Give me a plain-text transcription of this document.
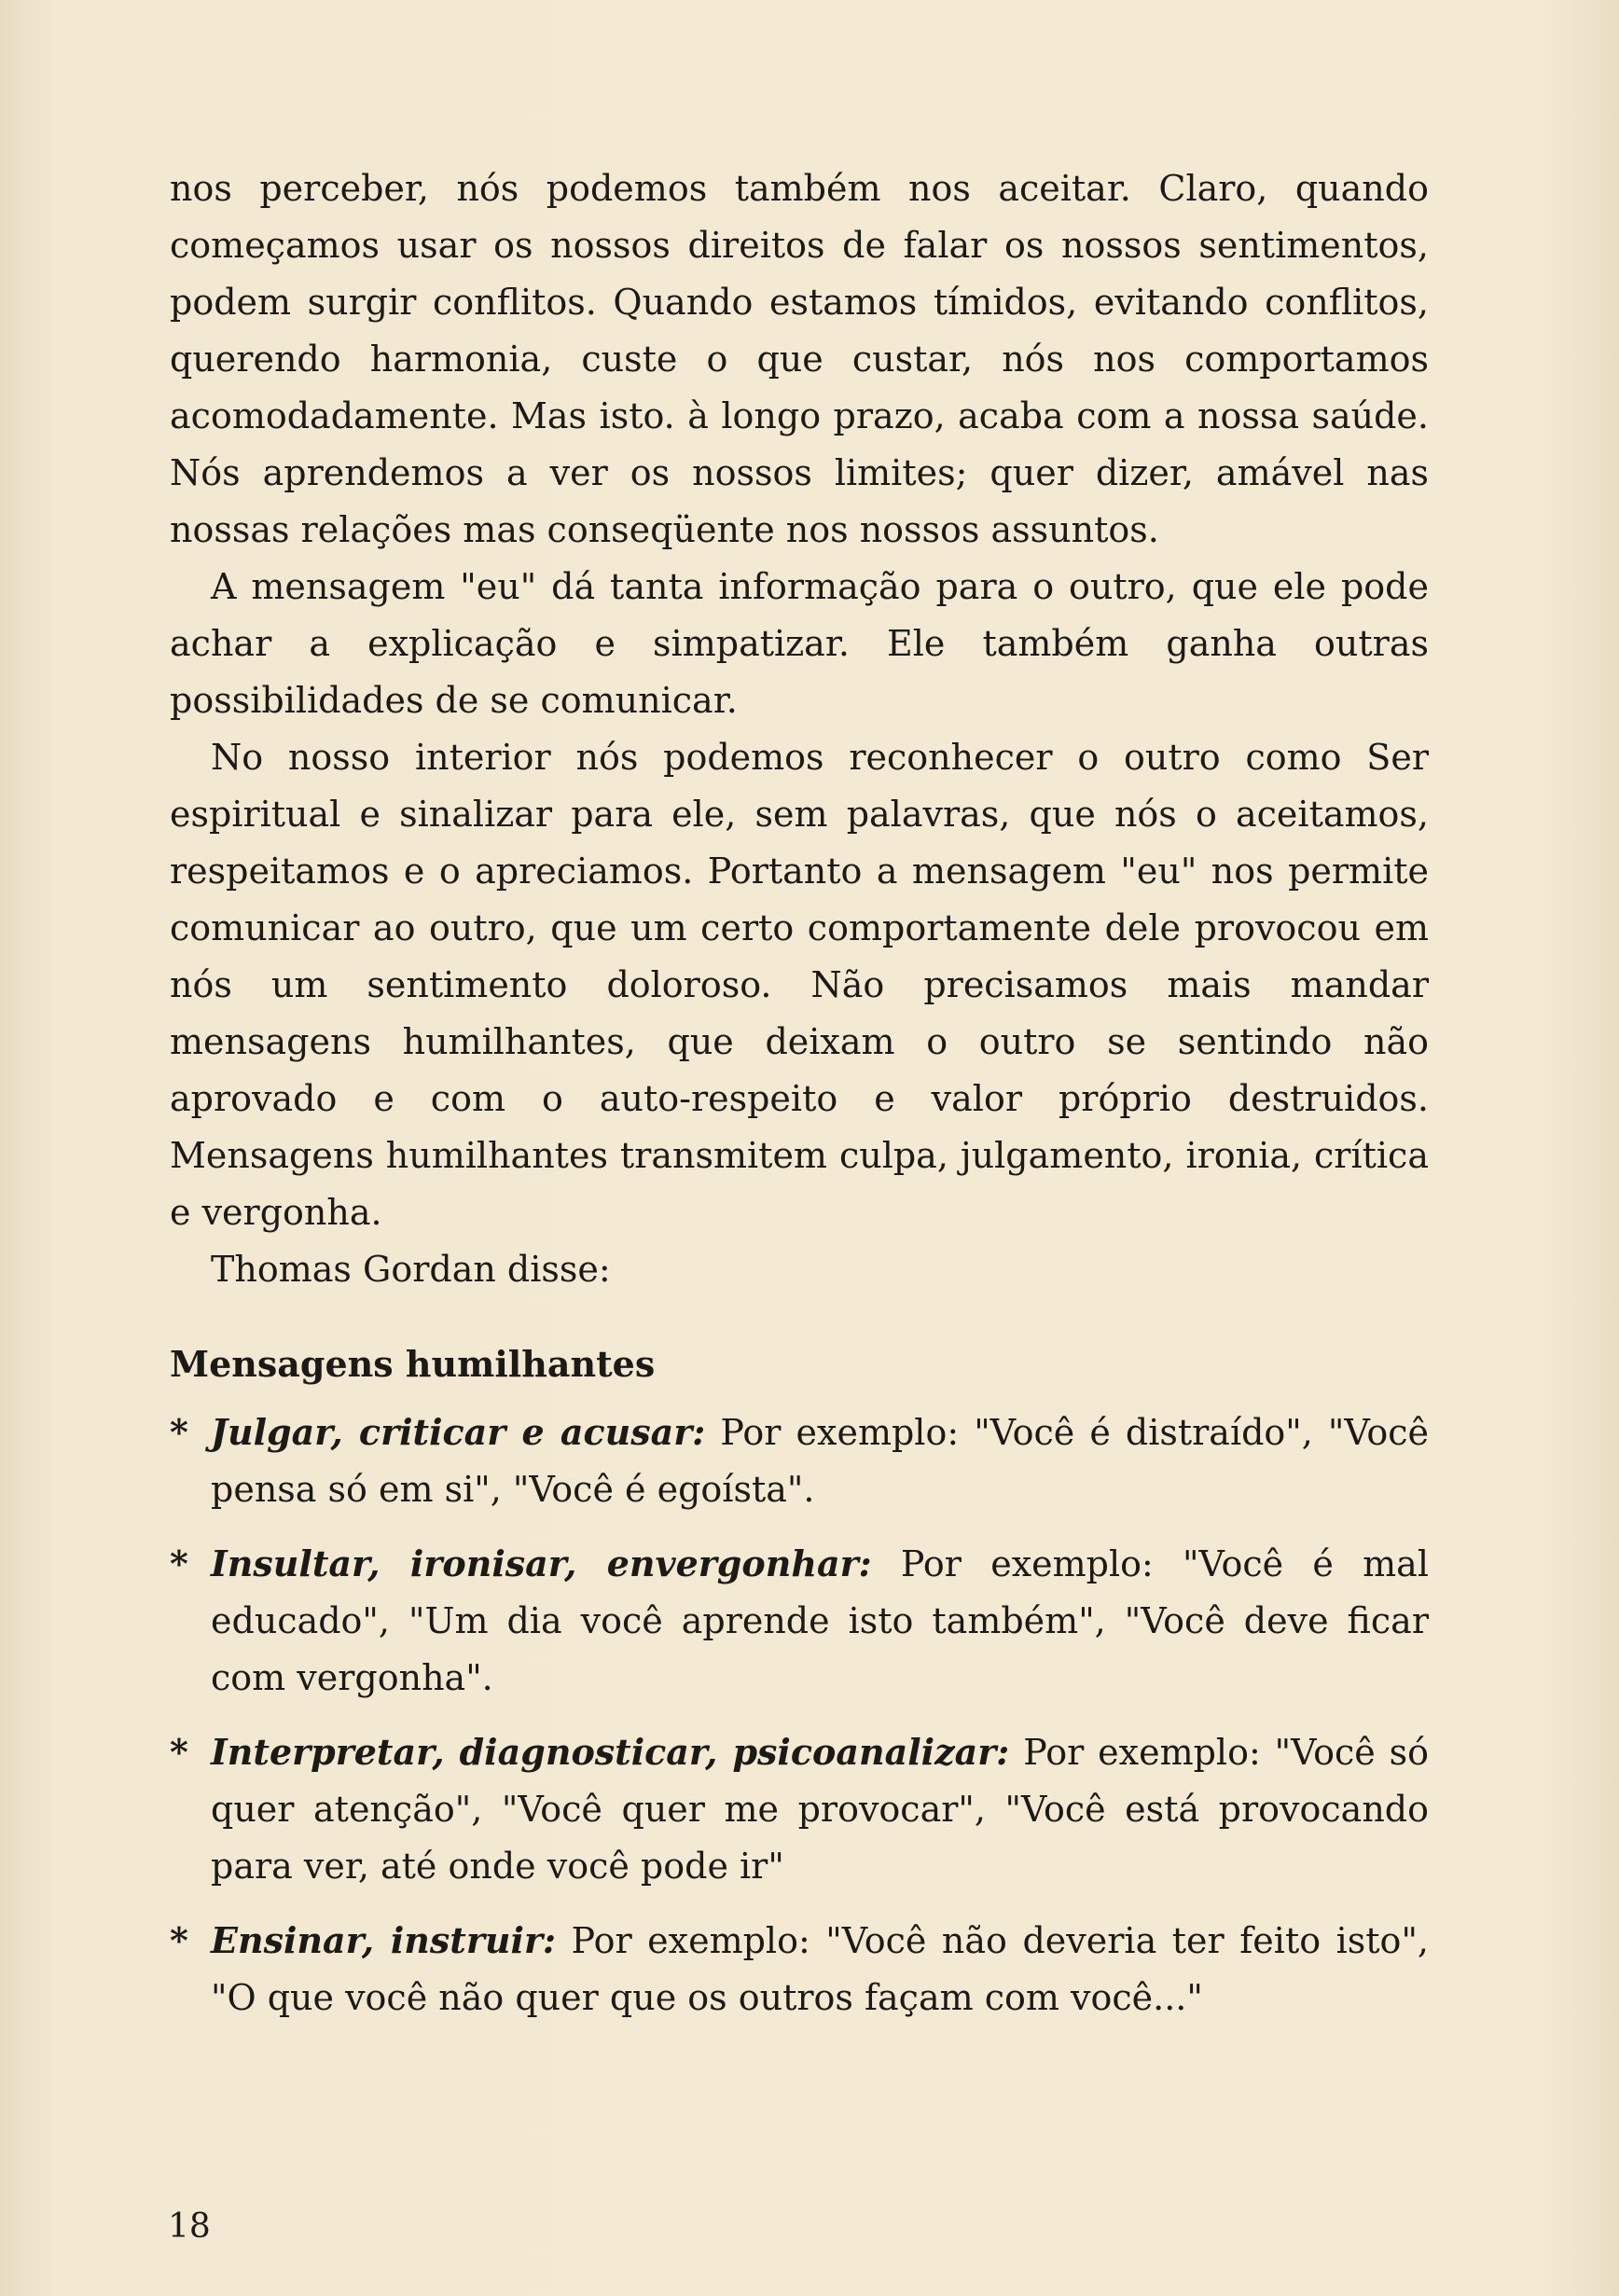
nos perceber, nós podemos também nos aceitar. Claro, quando começamos usar os nossos direitos de falar os nossos sentimentos, podem surgir conflitos. Quando estamos tímidos, evitando conflitos, querendo harmonia, custe o que custar, nós nos comportamos acomodadamente. Mas isto. à longo prazo, acaba com a nossa saúde. Nós aprendemos a ver os nossos limites; quer dizer, amável nas nossas relações mas conseqüente nos nossos assuntos.

A mensagem "eu" dá tanta informação para o outro, que ele pode achar a explicação e simpatizar. Ele também ganha outras possibilidades de se comunicar.

No nosso interior nós podemos reconhecer o outro como Ser espiritual e sinalizar para ele, sem palavras, que nós o aceitamos, respeitamos e o apreciamos. Portanto a mensagem "eu" nos permite comunicar ao outro, que um certo comportamente dele provocou em nós um sentimento doloroso. Não precisamos mais mandar mensagens humilhantes, que deixam o outro se sentindo não aprovado e com o auto-respeito e valor próprio destruidos. Mensagens humilhantes transmitem culpa, julgamento, ironia, crítica e vergonha.

Thomas Gordan disse:

Mensagens humilhantes

* Julgar, criticar e acusar: Por exemplo: "Você é distraído", "Você pensa só em si", "Você é egoísta".

* Insultar, ironisar, envergonhar: Por exemplo: "Você é mal educado", "Um dia você aprende isto também", "Você deve ficar com vergonha".

* Interpretar, diagnosticar, psicoanalizar: Por exemplo: "Você só quer atenção", "Você quer me provocar", "Você está provocando para ver, até onde você pode ir"

* Ensinar, instruir: Por exemplo: "Você não deveria ter feito isto", "O que você não quer que os outros façam com você..."

18
